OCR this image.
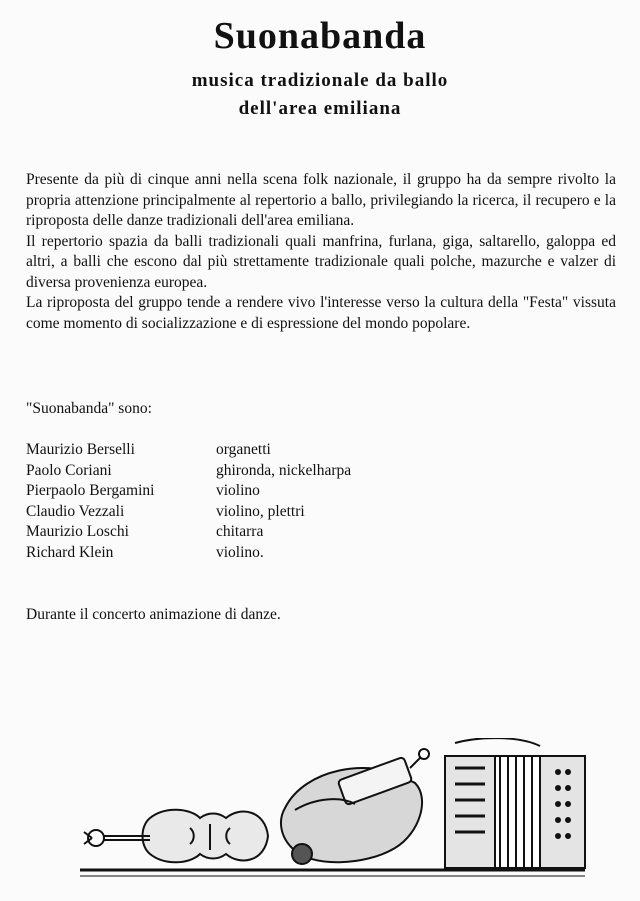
Suonabanda
musica tradizionale da ballo
dell'area emiliana

Presente da più di cinque anni nella scena folk nazionale, il gruppo ha da sempre rivolto la propria attenzione principalmente al repertorio a ballo, privilegiando la ricerca, il recupero e la riproposta delle danze tradizionali dell'area emiliana.

Il repertorio spazia da balli tradizionali quali manfrina, furlana, giga, saltarello, galoppa ed altri, a balli che escono dal più strettamente tradizionale quali polche, mazurche e valzer di diversa provenienza europea.

La riproposta del gruppo tende a rendere vivo l'interesse verso la cultura della "Festa" vissuta come momento di socializzazione e di espressione del mondo popolare.

"Suonabanda" sono:

Maurizio Berselli	organetti
Paolo Coriani	ghironda, nickelharpa
Pierpaolo Bergamini	violino
Claudio Vezzali	violino, plettri
Maurizio Loschi	chitarra
Richard Klein	violino.

Durante il concerto animazione di danze.
